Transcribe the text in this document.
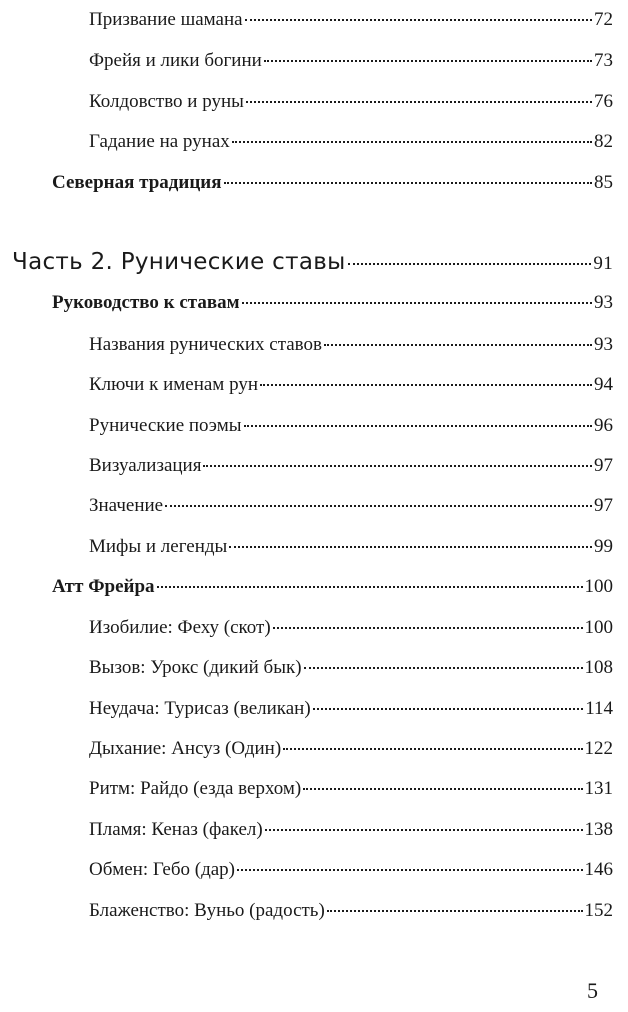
Призвание шамана	72
Фрейя и лики богини	73
Колдовство и руны	76
Гадание на рунах	82
Северная традиция	85
Часть 2. Рунические ставы	91
Руководство к ставам	93
Названия рунических ставов	93
Ключи к именам рун	94
Рунические поэмы	96
Визуализация	97
Значение	97
Мифы и легенды	99
Атт Фрейра	100
Изобилие: Феху (скот)	100
Вызов: Урокс (дикий бык)	108
Неудача: Турисаз (великан)	114
Дыхание: Ансуз (Один)	122
Ритм: Райдо (езда верхом)	131
Пламя: Кеназ (факел)	138
Обмен: Гебо (дар)	146
Блаженство: Вуньо (радость)	152
5
